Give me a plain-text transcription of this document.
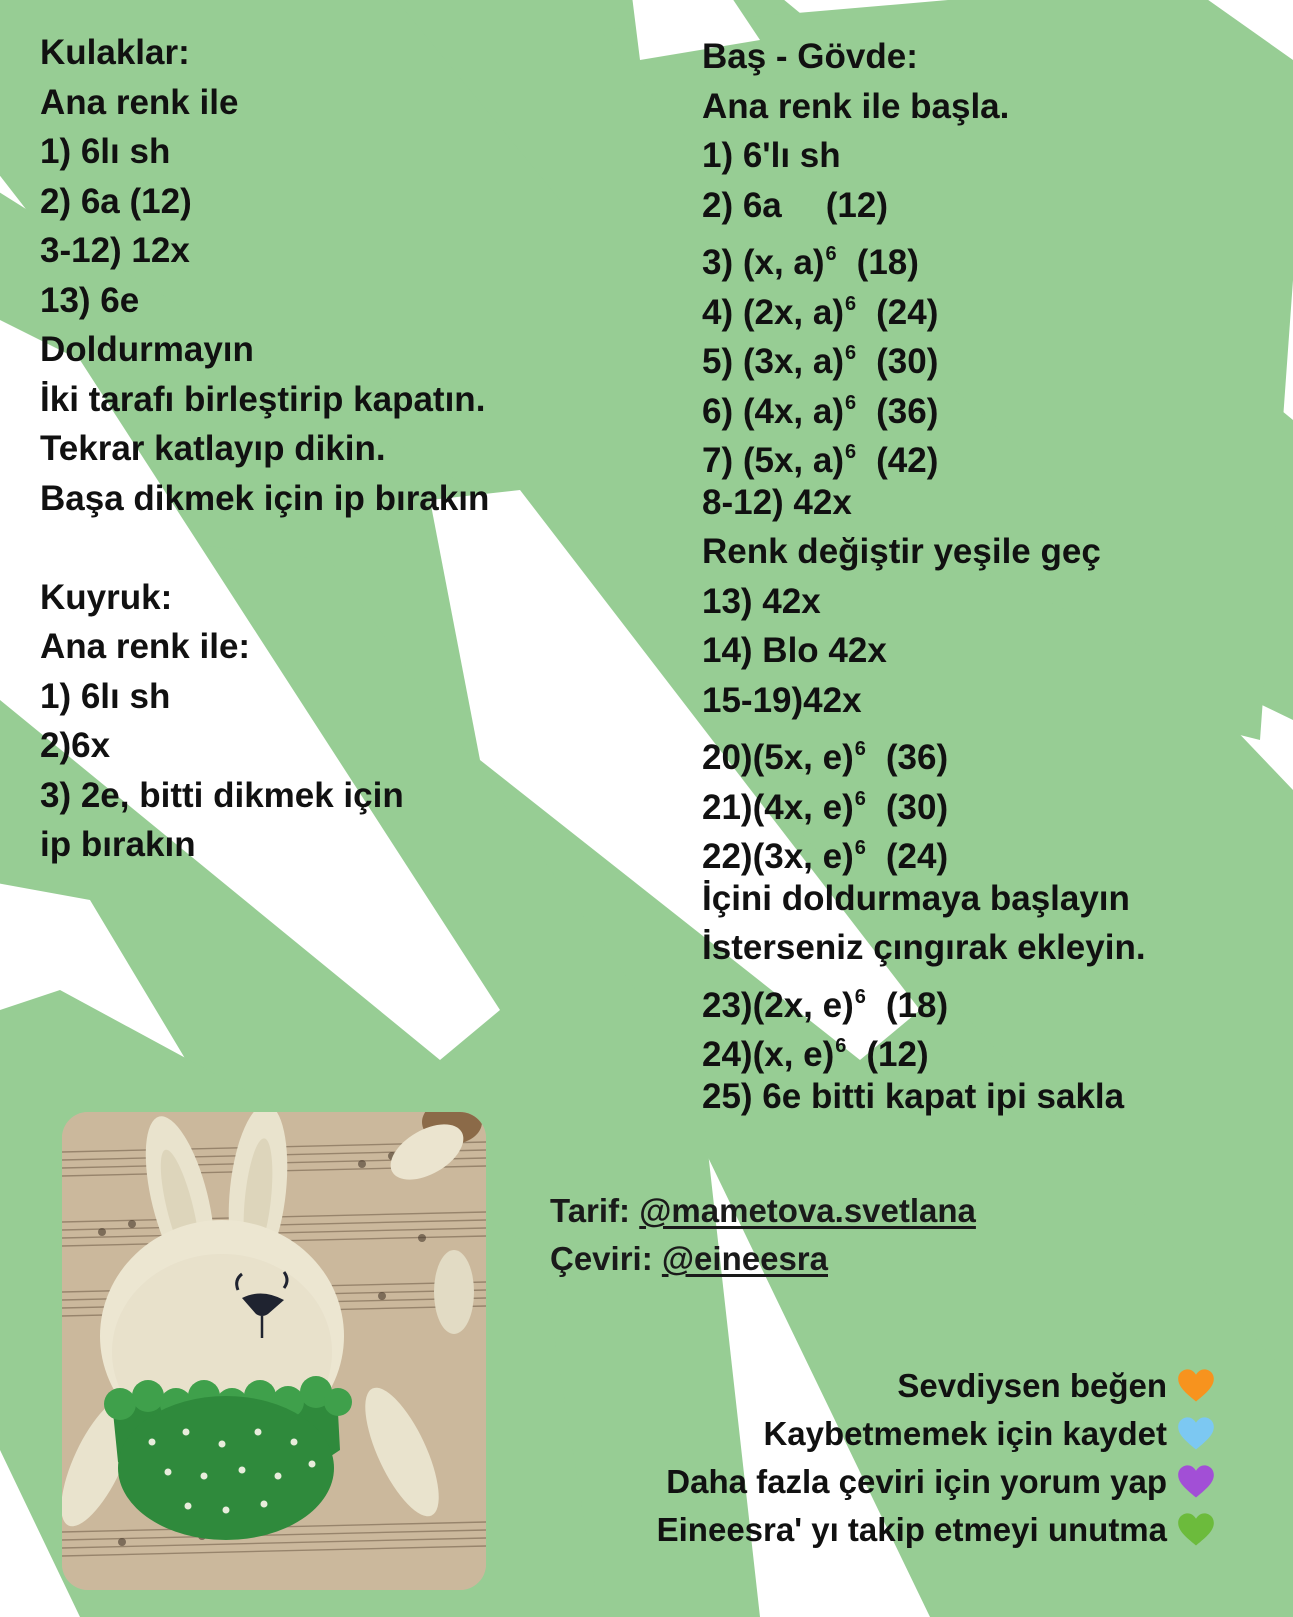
Kulaklar:
Ana renk ile
1) 6lı sh
2) 6a (12)
3-12) 12x
13) 6e
Doldurmayın
İki tarafı birleştirip kapatın.
Tekrar katlayıp dikin.
Başa dikmek için ip bırakın
Kuyruk:
Ana renk ile:
1) 6lı sh
2)6x
3) 2e, bitti dikmek için
ip bırakın
Baş - Gövde:
Ana renk ile başla.
1) 6'lı sh
2) 6a (12)
3) (x, a)$^6$ (18)
4) (2x, a)$^6$ (24)
5) (3x, a)$^6$ (30)
6) (4x, a)$^6$ (36)
7) (5x, a)$^6$ (42)
8-12) 42x
Renk değiştir yeşile geç
13) 42x
14) Blo 42x
15-19)42x
20)(5x, e)$^6$ (36)
21)(4x, e)$^6$ (30)
22)(3x, e)$^6$ (24)
İçini doldurmaya başlayın
İsterseniz çıngırak ekleyin.
23)(2x, e)$^6$ (18)
24)(x, e)$^6$ (12)
25) 6e bitti kapat ipi sakla
Tarif: @mametova.svetlana
Çeviri: @eineesra
Sevdiysen beğen
Kaybetmemek için kaydet
Daha fazla çeviri için yorum yap
Eineesra' yı takip etmeyi unutma
